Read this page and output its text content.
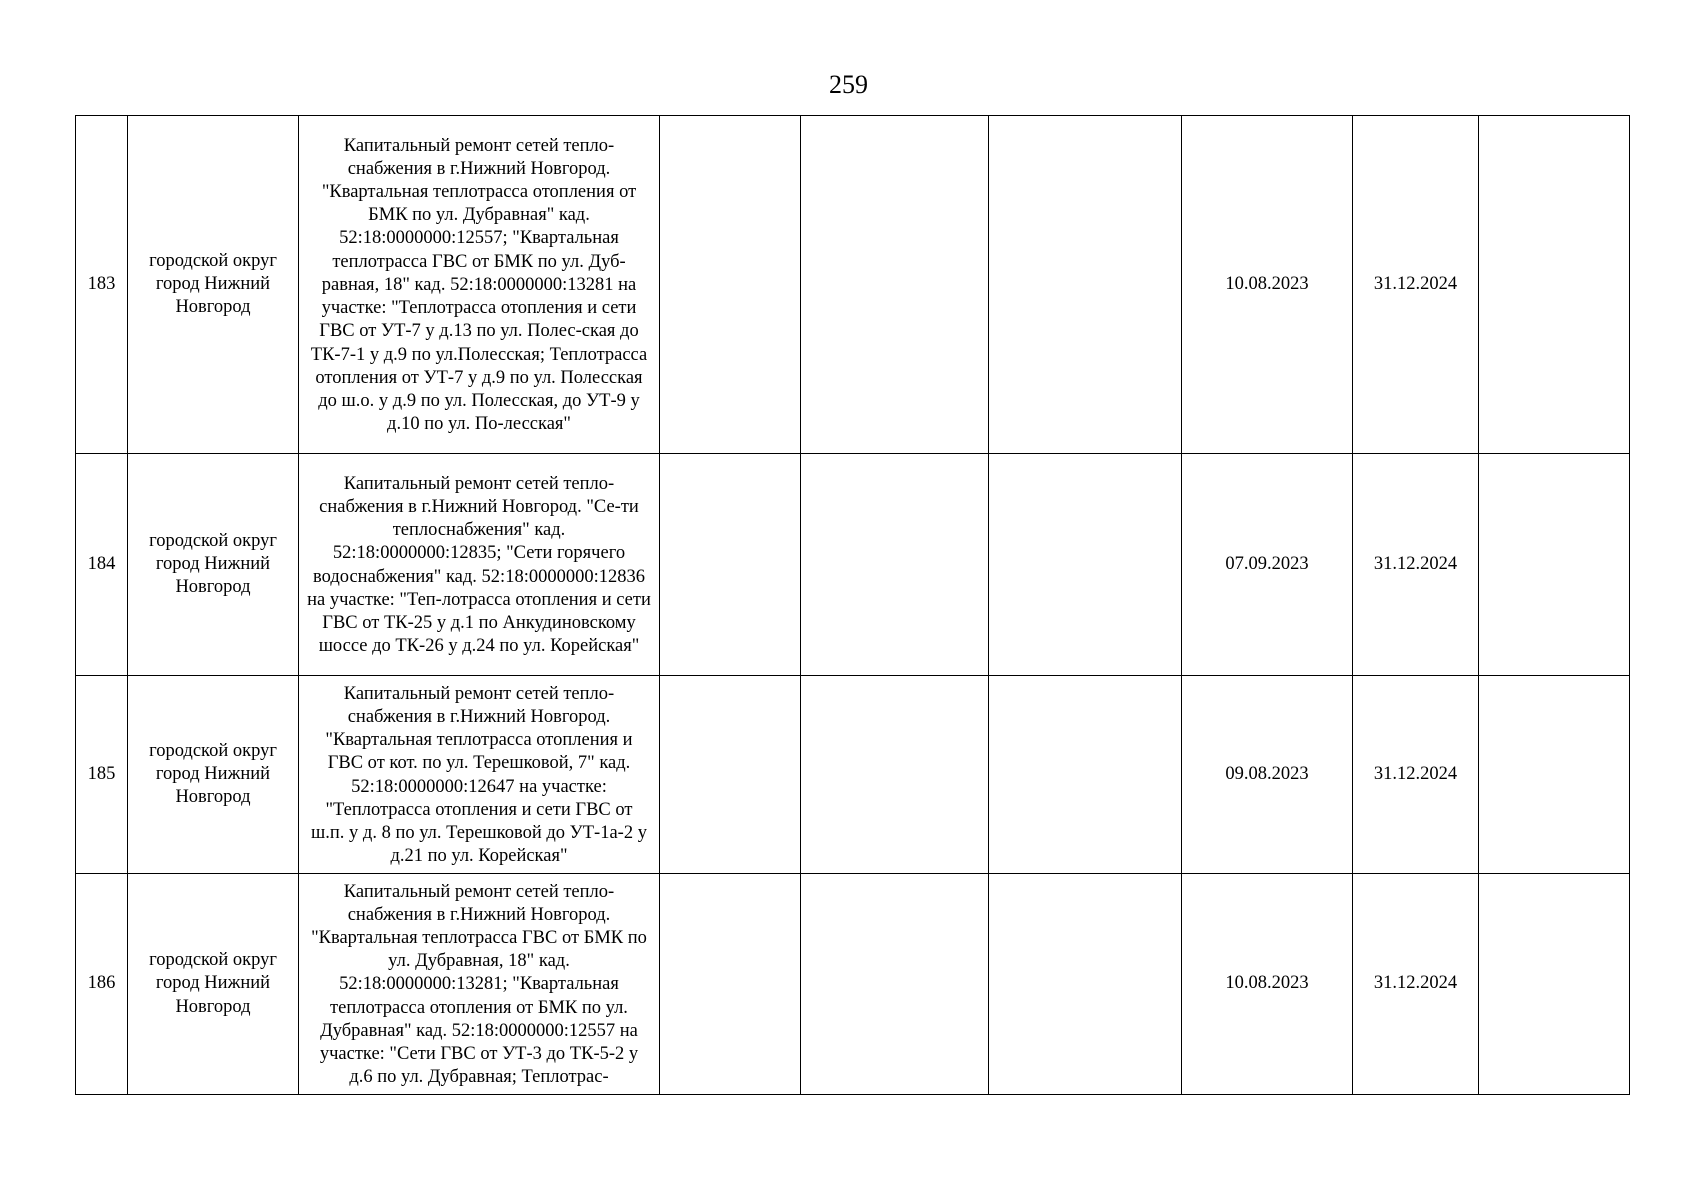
259
183	городской округ город Нижний Новгород	Капитальный ремонт сетей тепло-снабжения в г.Нижний Новгород. "Квартальная теплотрасса отопления от БМК по ул. Дубравная" кад. 52:18:0000000:12557; "Квартальная теплотрасса ГВС от БМК по ул. Дуб-равная, 18" кад. 52:18:0000000:13281 на участке: "Теплотрасса отопления и сети ГВС от УТ-7 у д.13 по ул. Полес-ская до ТК-7-1 у д.9 по ул.Полесская; Теплотрасса отопления от УТ-7 у д.9 по ул. Полесская до ш.о. у д.9 по ул. Полесская, до УТ-9 у д.10 по ул. По-лесская"				10.08.2023	31.12.2024	
184	городской округ город Нижний Новгород	Капитальный ремонт сетей тепло-снабжения в г.Нижний Новгород. "Се-ти теплоснабжения" кад. 52:18:0000000:12835; "Сети горячего водоснабжения" кад. 52:18:0000000:12836 на участке: "Теп-лотрасса отопления и сети ГВС от ТК-25 у д.1 по Анкудиновскому шоссе до ТК-26 у д.24 по ул. Корейская"				07.09.2023	31.12.2024	
185	городской округ город Нижний Новгород	Капитальный ремонт сетей тепло-снабжения в г.Нижний Новгород. "Квартальная теплотрасса отопления и ГВС от кот. по ул. Терешковой, 7" кад. 52:18:0000000:12647 на участке: "Теплотрасса отопления и сети ГВС от ш.п. у д. 8 по ул. Терешковой до УТ-1а-2 у д.21 по ул. Корейская"				09.08.2023	31.12.2024	
186	городской округ город Нижний Новгород	Капитальный ремонт сетей тепло-снабжения в г.Нижний Новгород. "Квартальная теплотрасса ГВС от БМК по ул. Дубравная, 18" кад. 52:18:0000000:13281; "Квартальная теплотрасса отопления от БМК по ул. Дубравная" кад. 52:18:0000000:12557 на участке: "Сети ГВС от УТ-3 до ТК-5-2 у д.6 по ул. Дубравная; Теплотрас-				10.08.2023	31.12.2024	
